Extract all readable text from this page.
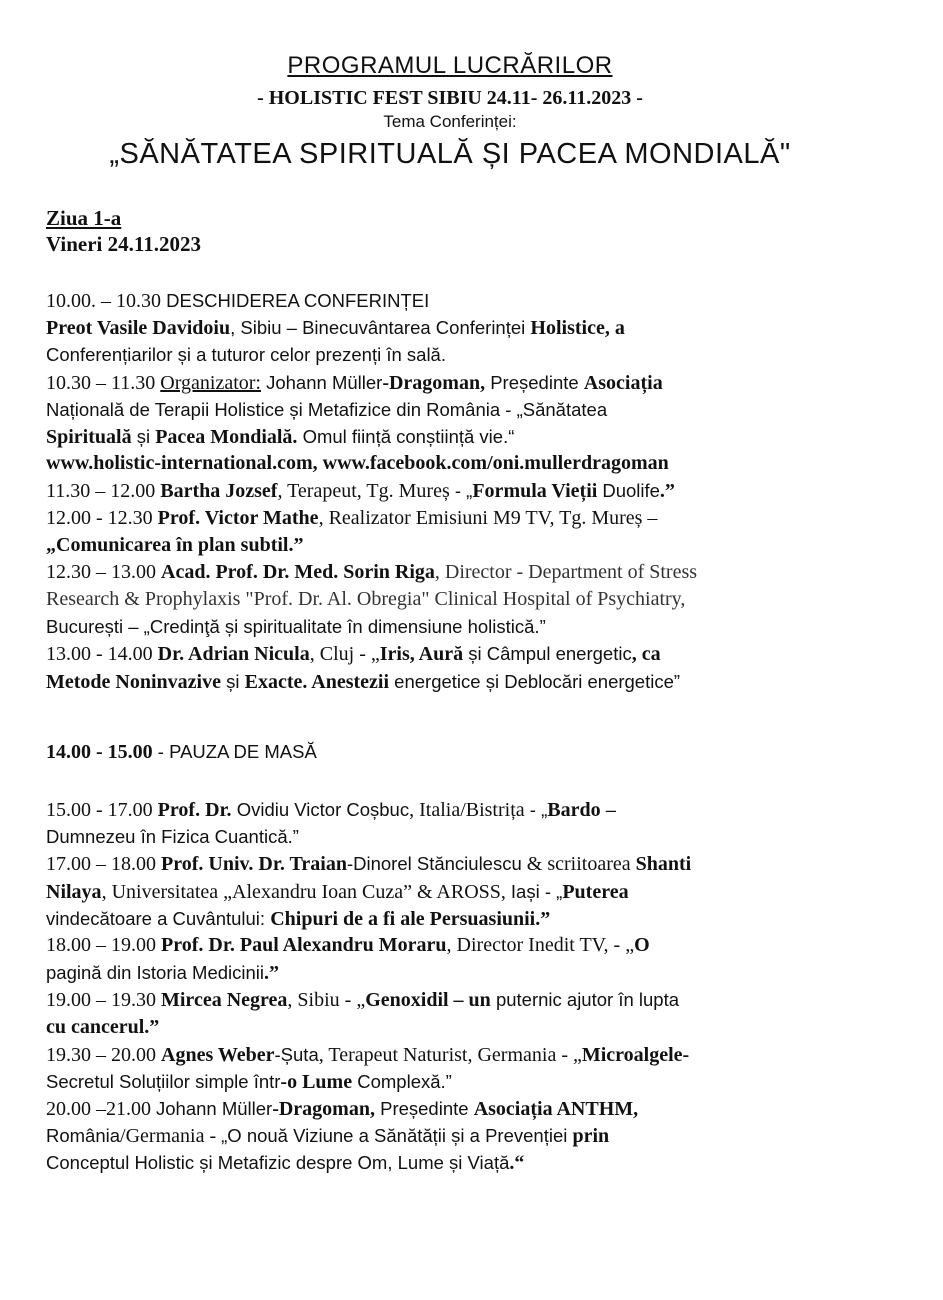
PROGRAMUL LUCRĂRILOR
- HOLISTIC FEST SIBIU 24.11- 26.11.2023 -
Tema Conferinței:
„SĂNĂTATEA SPIRITUALĂ ȘI PACEA MONDIALĂ"
Ziua 1-a
Vineri 24.11.2023
10.00. – 10.30 DESCHIDEREA CONFERINȚEI
Preot Vasile Davidoiu, Sibiu – Binecuvântarea Conferinței Holistice, a
Conferențiarilor și a tuturor celor prezenți în sală.
10.30 – 11.30 Organizator: Johann Müller-Dragoman, Președinte Asociația
Națională de Terapii Holistice și Metafizice din România - „Sănătatea
Spirituală și Pacea Mondială. Omul ființă conștiință vie.“
www.holistic-international.com, www.facebook.com/oni.mullerdragoman
11.30 – 12.00 Bartha Jozsef, Terapeut, Tg. Mureș - „Formula Vieții Duolife.”
12.00 - 12.30 Prof. Victor Mathe, Realizator Emisiuni M9 TV, Tg. Mureș –
„Comunicarea în plan subtil.”
12.30 – 13.00 Acad. Prof. Dr. Med. Sorin Riga, Director - Department of Stress
Research & Prophylaxis "Prof. Dr. Al. Obregia" Clinical Hospital of Psychiatry,
București – „Credinţă și spiritualitate în dimensiune holistică.”
13.00 - 14.00 Dr. Adrian Nicula, Cluj - „Iris, Aură și Câmpul energetic, ca
Metode Noninvazive și Exacte. Anestezii energetice și Deblocări energetice”
14.00 - 15.00 - PAUZA DE MASĂ
15.00 - 17.00 Prof. Dr. Ovidiu Victor Coșbuc, Italia/Bistrița - „Bardo –
Dumnezeu în Fizica Cuantică.”
17.00 – 18.00 Prof. Univ. Dr. Traian-Dinorel Stănciulescu & scriitoarea Shanti
Nilaya, Universitatea „Alexandru Ioan Cuza” & AROSS, Iași - „Puterea
vindecătoare a Cuvântului: Chipuri de a fi ale Persuasiunii.”
18.00 – 19.00 Prof. Dr. Paul Alexandru Moraru, Director Inedit TV, - „O
pagină din Istoria Medicinii.”
19.00 – 19.30 Mircea Negrea, Sibiu - „Genoxidil – un puternic ajutor în lupta
cu cancerul.”
19.30 – 20.00 Agnes Weber-Șuta, Terapeut Naturist, Germania - „Microalgele-
Secretul Soluțiilor simple într-o Lume Complexă.”
20.00 –21.00 Johann Müller-Dragoman, Președinte Asociația ANTHM,
România/Germania - „O nouă Viziune a Sănătății și a Prevenției prin
Conceptul Holistic și Metafizic despre Om, Lume și Viață.“
